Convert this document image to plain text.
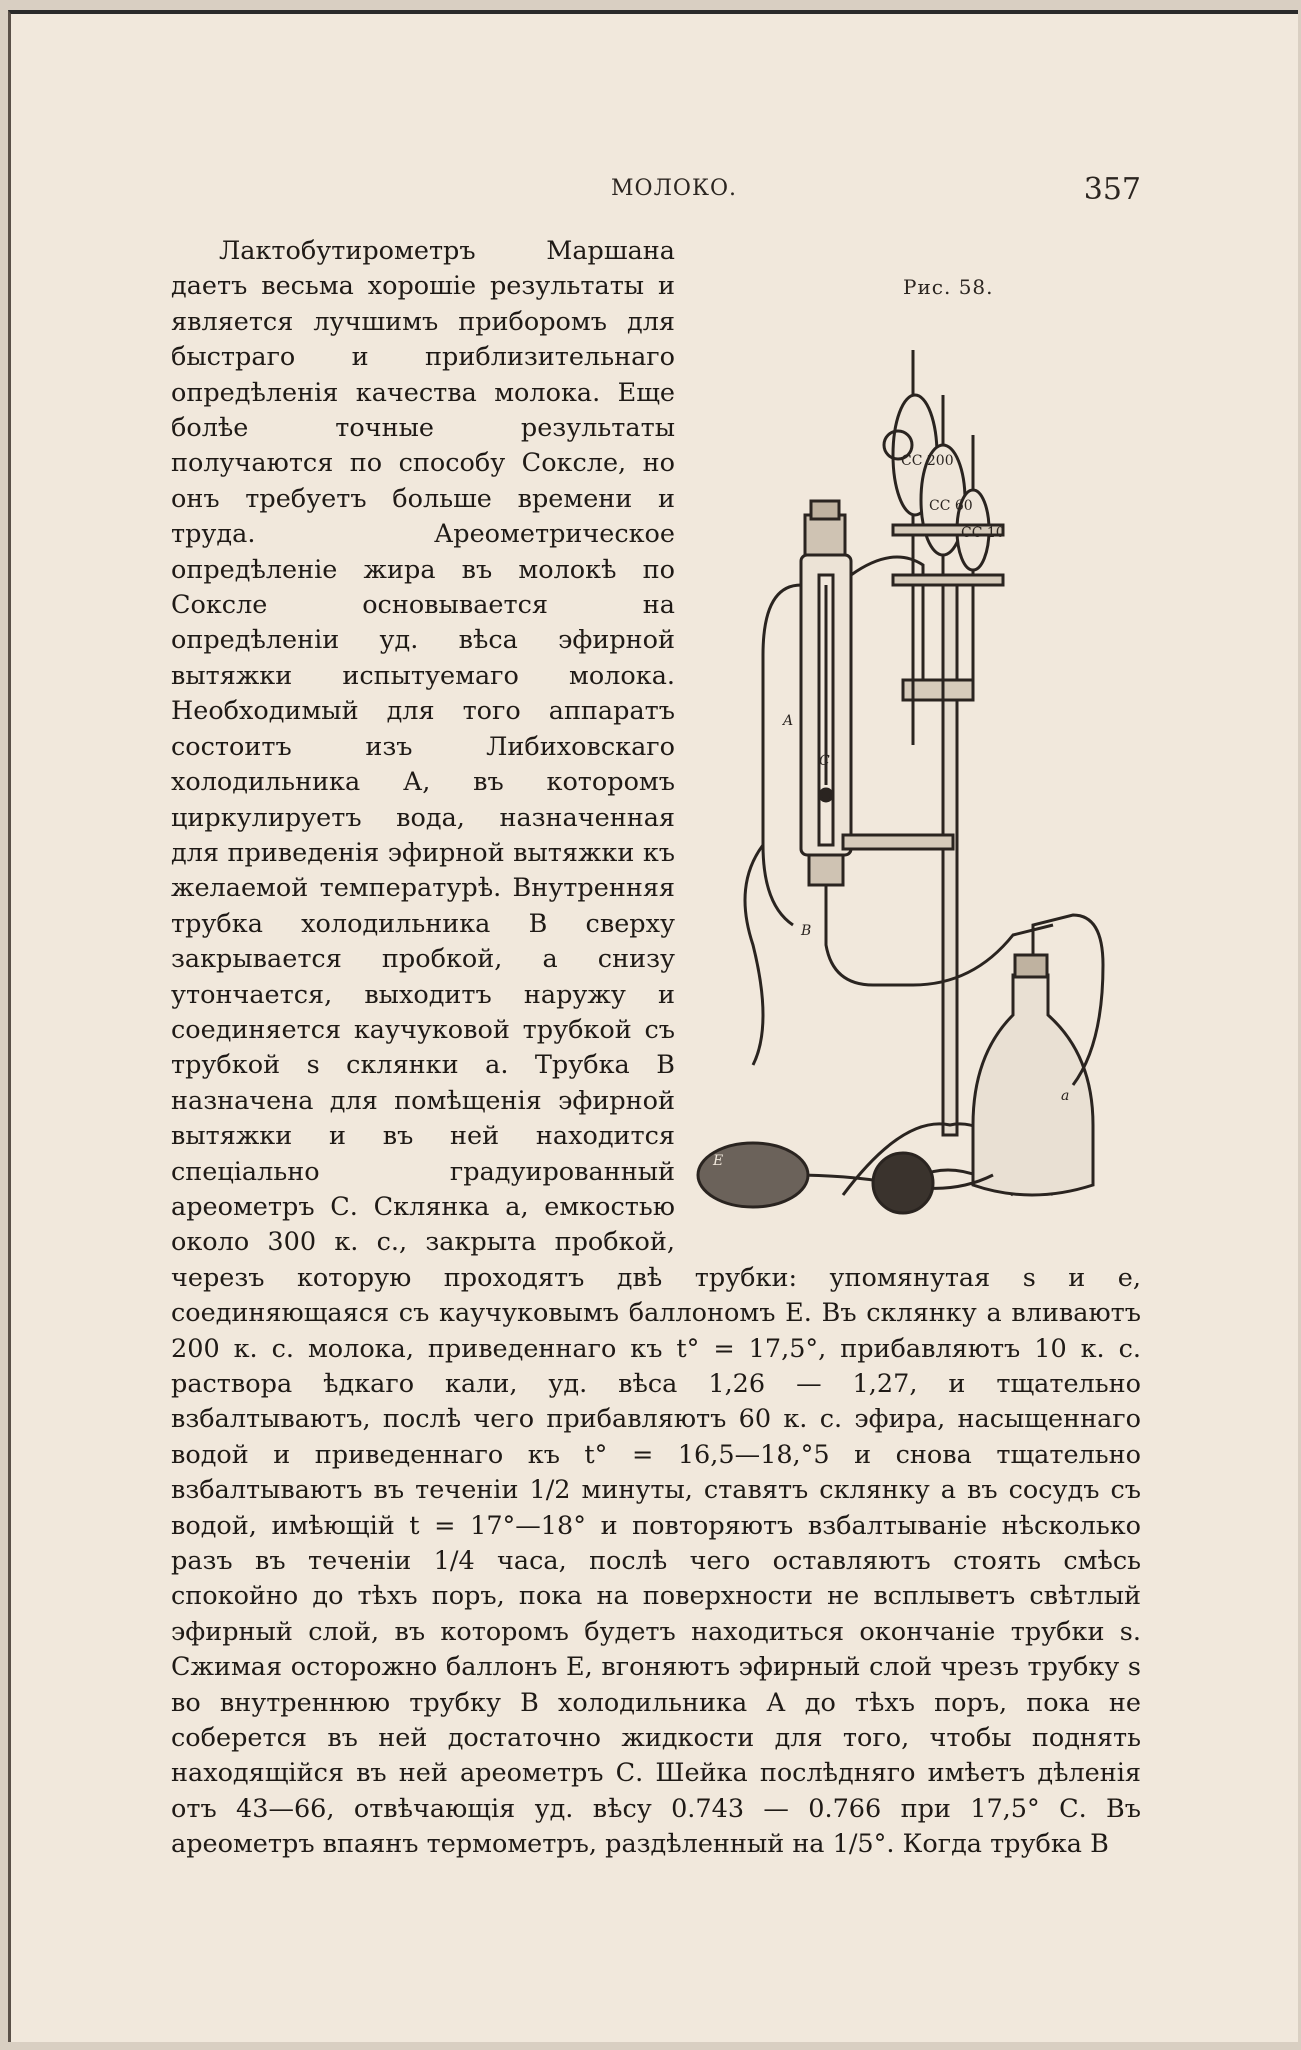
МОЛОКО.	357
Рис. 58.
CC 200
CC 60
CC 10
A
C
B
a
E

Лактобутирометръ Маршана даетъ весьма хорошіе результаты и является лучшимъ приборомъ для быстраго и приблизительнаго опредѣленія качества молока. Еще болѣе точные результаты получаются по способу Сокслe, но онъ требуетъ больше времени и труда. Ареометрическое опредѣленіе жира въ молокѣ по Сокслe основывается на опредѣленіи уд. вѣса эфирной вытяжки испытуемаго молока. Необходимый для того аппаратъ состоитъ изъ Либиховскаго холодильника А, въ которомъ циркулируетъ вода, назначенная для приведенія эфирной вытяжки къ желаемой температурѣ. Внутренняя трубка холодильника В сверху закрывается пробкой, а снизу утончается, выходитъ наружу и соединяется каучуковой трубкой съ трубкой s склянки а. Трубка В назначена для помѣщенія эфирной вытяжки и въ ней находится спеціально градуированный ареометръ С. Склянка а, емкостью около 300 к. с., закрыта пробкой, черезъ которую проходятъ двѣ трубки: упомянутая s и е, соединяющаяся съ каучуковымъ баллономъ Е. Въ склянку а вливаютъ 200 к. с. молока, приведеннаго къ t° = 17,5°, прибавляютъ 10 к. с. раствора ѣдкаго кали, уд. вѣса 1,26 — 1,27, и тщательно взбалтываютъ, послѣ чего прибавляютъ 60 к. с. эфира, насыщеннаго водой и приведеннаго къ t° = 16,5—18,°5 и снова тщательно взбалтываютъ въ теченіи 1/2 минуты, ставятъ склянку а въ сосудъ съ водой, имѣющій t = 17°—18° и повторяютъ взбалтываніе нѣсколько разъ въ теченіи 1/4 часа, послѣ чего оставляютъ стоять смѣсь спокойно до тѣхъ поръ, пока на поверхности не всплыветъ свѣтлый эфирный слой, въ которомъ будетъ находиться окончаніе трубки s. Сжимая осторожно баллонъ Е, вгоняютъ эфирный слой чрезъ трубку s во внутреннюю трубку В холодильника А до тѣхъ поръ, пока не соберется въ ней достаточно жидкости для того, чтобы поднять находящійся въ ней ареометръ С. Шейка послѣдняго имѣетъ дѣленія отъ 43—66, отвѣчающія уд. вѣсу 0.743 — 0.766 при 17,5° С. Въ ареометръ впаянъ термометръ, раздѣленный на 1/5°. Когда трубка В
